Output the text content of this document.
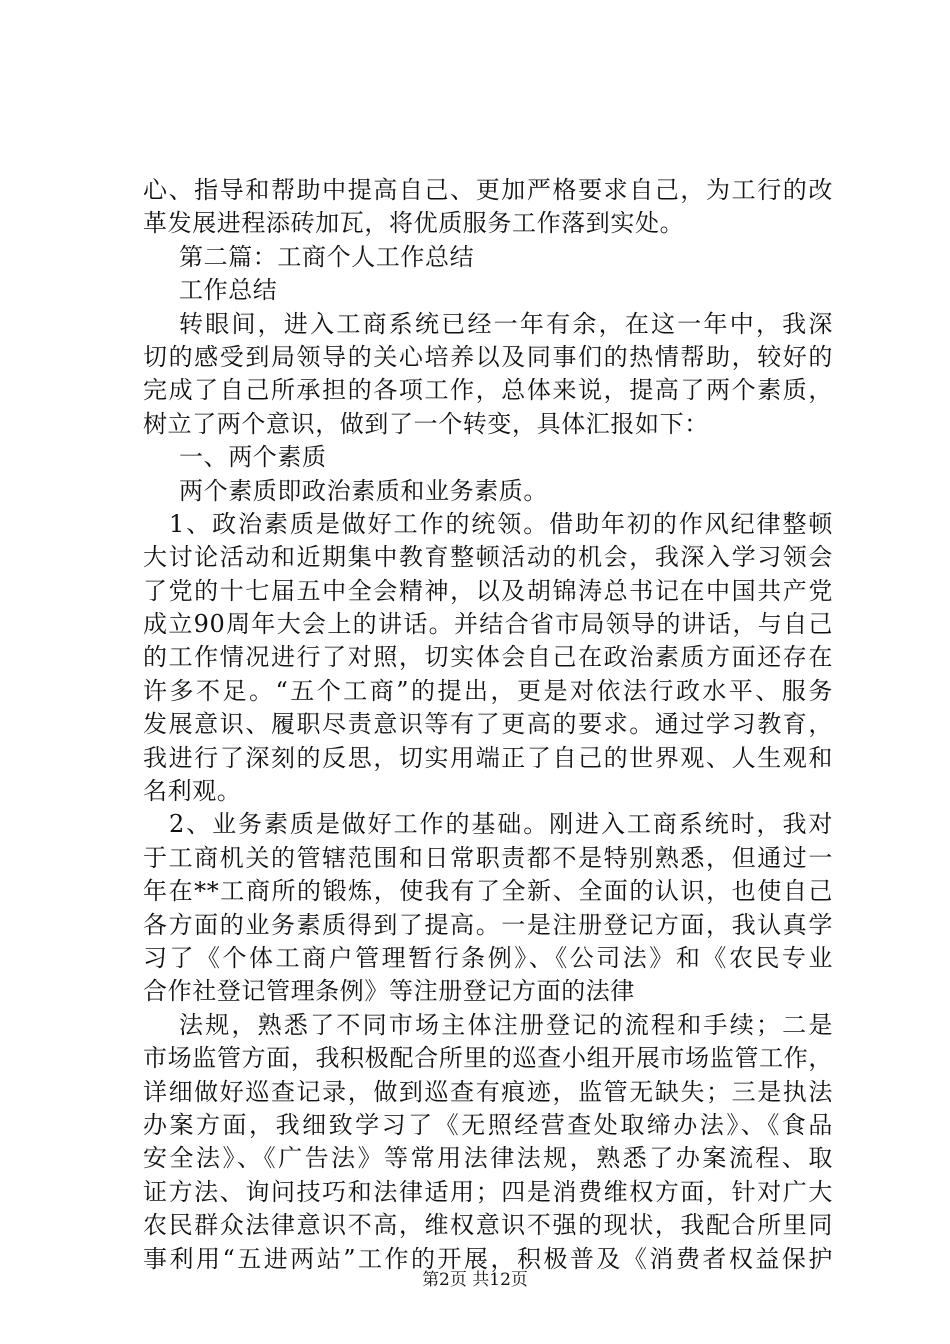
心、指导和帮助中提高自己、更加严格要求自己，为工行的改
革发展进程添砖加瓦，将优质服务工作落到实处。
第二篇：工商个人工作总结
工作总结
转眼间，进入工商系统已经一年有余，在这一年中，我深
切的感受到局领导的关心培养以及同事们的热情帮助，较好的
完成了自己所承担的各项工作，总体来说，提高了两个素质，
树立了两个意识，做到了一个转变，具体汇报如下：
一、两个素质
两个素质即政治素质和业务素质。
1、政治素质是做好工作的统领。借助年初的作风纪律整顿
大讨论活动和近期集中教育整顿活动的机会，我深入学习领会
了党的十七届五中全会精神，以及胡锦涛总书记在中国共产党
成立90周年大会上的讲话。并结合省市局领导的讲话，与自己
的工作情况进行了对照，切实体会自己在政治素质方面还存在
许多不足。“五个工商”的提出，更是对依法行政水平、服务
发展意识、履职尽责意识等有了更高的要求。通过学习教育，
我进行了深刻的反思，切实用端正了自己的世界观、人生观和
名利观。
2、业务素质是做好工作的基础。刚进入工商系统时，我对
于工商机关的管辖范围和日常职责都不是特别熟悉，但通过一
年在**工商所的锻炼，使我有了全新、全面的认识，也使自己
各方面的业务素质得到了提高。一是注册登记方面，我认真学
习了《个体工商户管理暂行条例》、《公司法》和《农民专业
合作社登记管理条例》等注册登记方面的法律
法规，熟悉了不同市场主体注册登记的流程和手续；二是
市场监管方面，我积极配合所里的巡查小组开展市场监管工作，
详细做好巡查记录，做到巡查有痕迹，监管无缺失；三是执法
办案方面，我细致学习了《无照经营查处取缔办法》、《食品
安全法》、《广告法》等常用法律法规，熟悉了办案流程、取
证方法、询问技巧和法律适用；四是消费维权方面，针对广大
农民群众法律意识不高，维权意识不强的现状，我配合所里同
事利用“五进两站”工作的开展，积极普及《消费者权益保护
第2页 共12页
